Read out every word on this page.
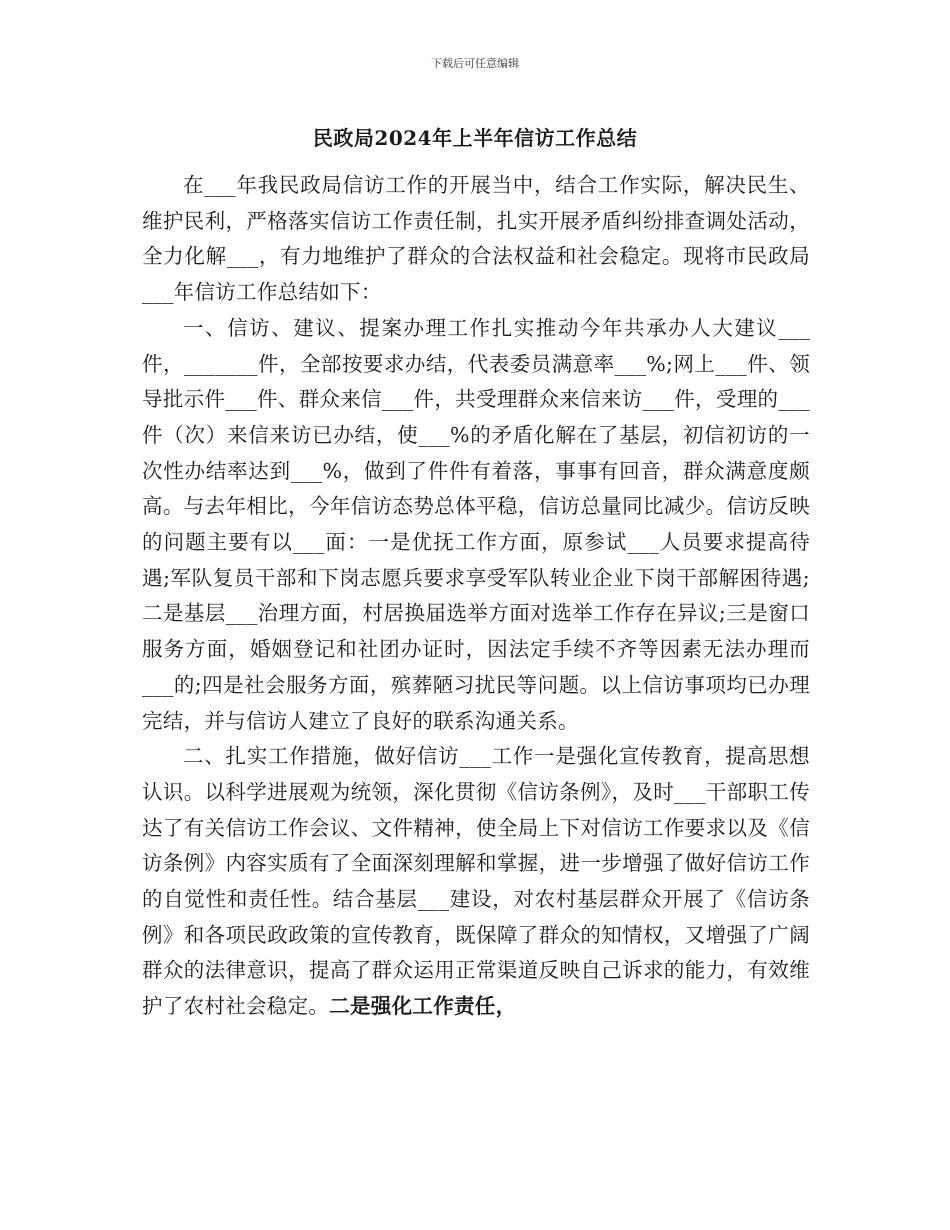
下载后可任意编辑
民政局2024年上半年信访工作总结

在___年我民政局信访工作的开展当中，结合工作实际，解决民生、维护民利，严格落实信访工作责任制，扎实开展矛盾纠纷排查调处活动，全力化解___，有力地维护了群众的合法权益和社会稳定。现将市民政局___年信访工作总结如下：

一、信访、建议、提案办理工作扎实推动今年共承办人大建议___件，_______件，全部按要求办结，代表委员满意率___%;网上___件、领导批示件___件、群众来信___件，共受理群众来信来访___件，受理的___件（次）来信来访已办结，使___%的矛盾化解在了基层，初信初访的一次性办结率达到___%，做到了件件有着落，事事有回音，群众满意度颇高。与去年相比，今年信访态势总体平稳，信访总量同比减少。信访反映的问题主要有以___面：一是优抚工作方面，原参试___人员要求提高待遇;军队复员干部和下岗志愿兵要求享受军队转业企业下岗干部解困待遇;二是基层___治理方面，村居换届选举方面对选举工作存在异议;三是窗口服务方面，婚姻登记和社团办证时，因法定手续不齐等因素无法办理而___的;四是社会服务方面，殡葬陋习扰民等问题。以上信访事项均已办理完结，并与信访人建立了良好的联系沟通关系。

二、扎实工作措施，做好信访___工作一是强化宣传教育，提高思想认识。以科学进展观为统领，深化贯彻《信访条例》，及时___干部职工传达了有关信访工作会议、文件精神，使全局上下对信访工作要求以及《信访条例》内容实质有了全面深刻理解和掌握，进一步增强了做好信访工作的自觉性和责任性。结合基层___建设，对农村基层群众开展了《信访条例》和各项民政政策的宣传教育，既保障了群众的知情权，又增强了广阔群众的法律意识，提高了群众运用正常渠道反映自己诉求的能力，有效维护了农村社会稳定。二是强化工作责任，
